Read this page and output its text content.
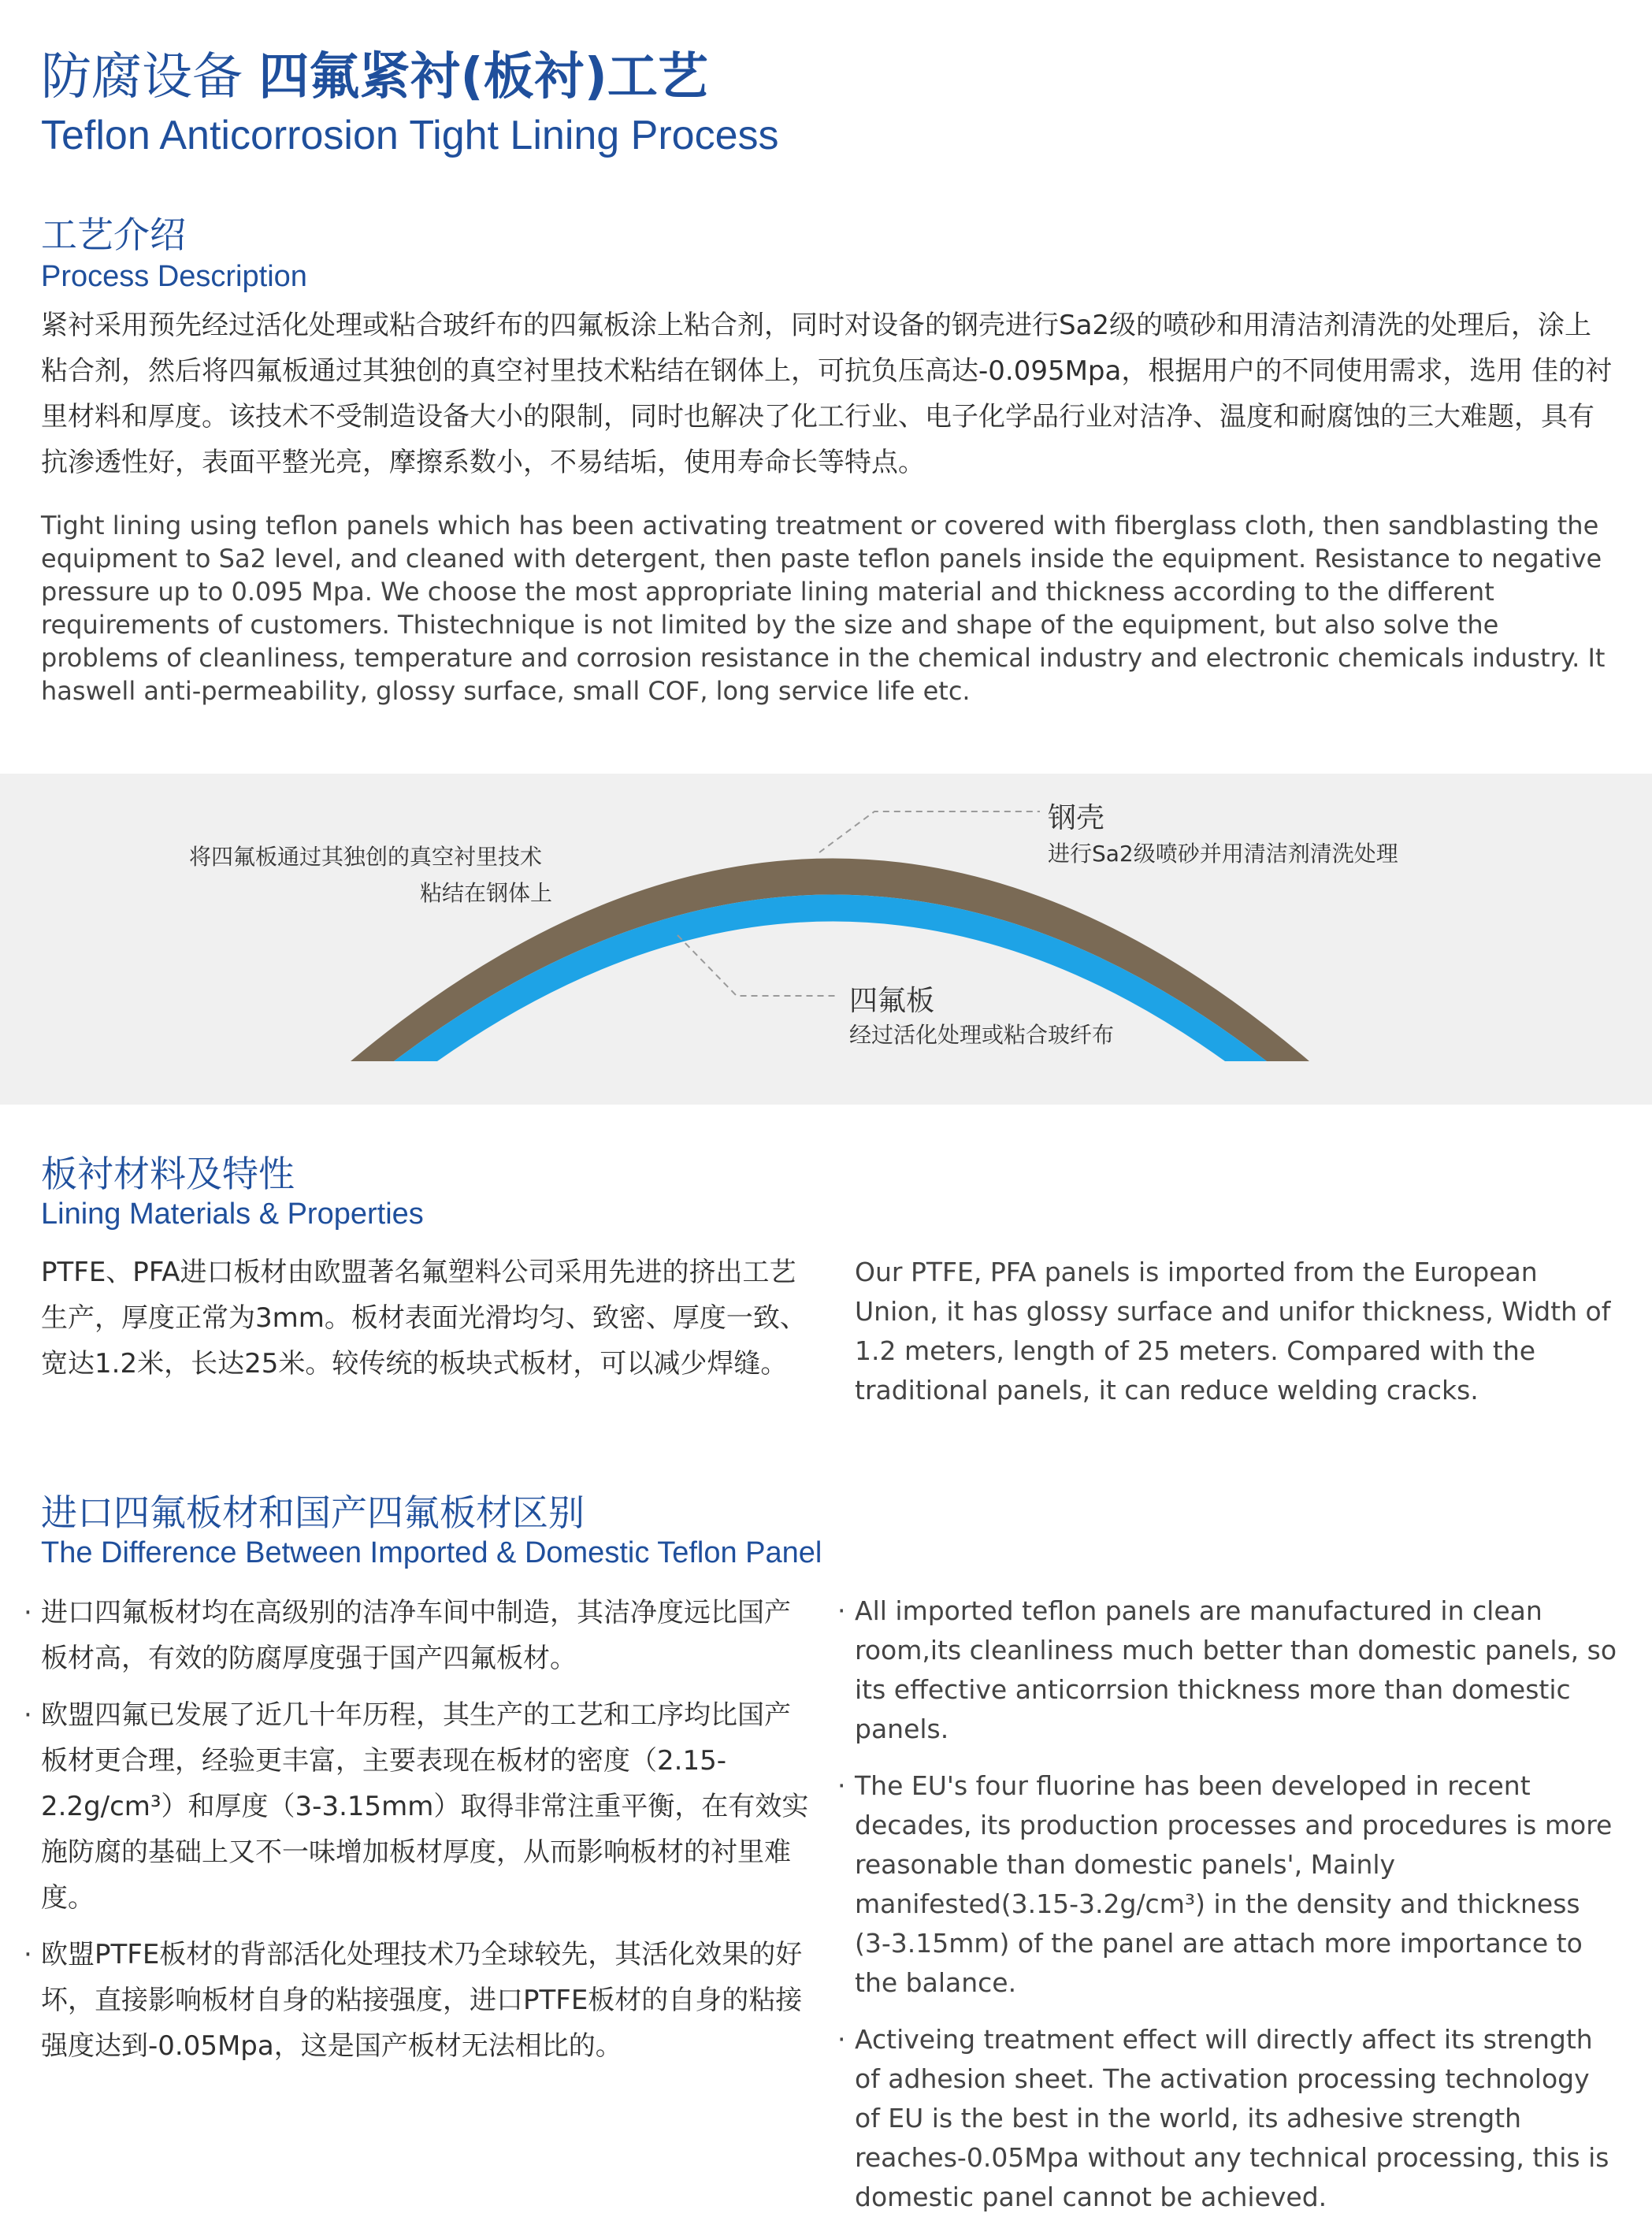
防腐设备 四氟紧衬(板衬)工艺
Teflon Anticorrosion Tight Lining Process
工艺介绍
Process Description

紧衬采用预先经过活化处理或粘合玻纤布的四氟板涂上粘合剂，同时对设备的钢壳进行Sa2级的喷砂和用清洁剂清洗的处理后，涂上粘合剂，然后将四氟板通过其独创的真空衬里技术粘结在钢体上，可抗负压高达-0.095Mpa，根据用户的不同使用需求，选用 佳的衬里材料和厚度。该技术不受制造设备大小的限制，同时也解决了化工行业、电子化学品行业对洁净、温度和耐腐蚀的三大难题，具有抗渗透性好，表面平整光亮，摩擦系数小，不易结垢，使用寿命长等特点。

Tight lining using teflon panels which has been activating treatment or covered with fiberglass cloth, then sandblasting the equipment to Sa2 level, and cleaned with detergent, then paste teflon panels inside the equipment. Resistance to negative pressure up to 0.095 Mpa. We choose the most appropriate lining material and thickness according to the different requirements of customers. Thistechnique is not limited by the size and shape of the equipment, but also solve the problems of cleanliness, temperature and corrosion resistance in the chemical industry and electronic chemicals industry. It haswell anti-permeability, glossy surface, small COF, long service life etc.

将四氟板通过其独创的真空衬里技术
粘结在钢体上
钢壳
进行Sa2级喷砂并用清洁剂清洗处理
四氟板
经过活化处理或粘合玻纤布
板衬材料及特性
Lining Materials & Properties

PTFE、PFA进口板材由欧盟著名氟塑料公司采用先进的挤出工艺生产，厚度正常为3mm。板材表面光滑均匀、致密、厚度一致、宽达1.2米，长达25米。较传统的板块式板材，可以减少焊缝。

Our PTFE, PFA panels is imported from the European Union, it has glossy surface and unifor thickness, Width of 1.2 meters, length of 25 meters. Compared with the traditional panels, it can reduce welding cracks.

进口四氟板材和国产四氟板材区别
The Difference Between Imported & Domestic Teflon Panel
· 进口四氟板材均在高级别的洁净车间中制造，其洁净度远比国产板材高，有效的防腐厚度强于国产四氟板材。

· 欧盟四氟已发展了近几十年历程，其生产的工艺和工序均比国产板材更合理，经验更丰富，主要表现在板材的密度（2.15-2.2g/cm³）和厚度（3-3.15mm）取得非常注重平衡，在有效实施防腐的基础上又不一味增加板材厚度，从而影响板材的衬里难度。

· 欧盟PTFE板材的背部活化处理技术乃全球较先，其活化效果的好坏，直接影响板材自身的粘接强度，进口PTFE板材的自身的粘接强度达到-0.05Mpa，这是国产板材无法相比的。

· All imported teflon panels are manufactured in clean room,its cleanliness much better than domestic panels, so its effective anticorrsion thickness more than domestic panels.

· The EU's four fluorine has been developed in recent decades, its production processes and procedures is more reasonable than domestic panels', Mainly manifested(3.15-3.2g/cm³) in the density and thickness (3-3.15mm) of the panel are attach more importance to the balance.

· Activeing treatment effect will directly affect its strength of adhesion sheet. The activation processing technology of EU is the best in the world, its adhesive strength reaches-0.05Mpa without any technical processing, this is domestic panel cannot be achieved.
